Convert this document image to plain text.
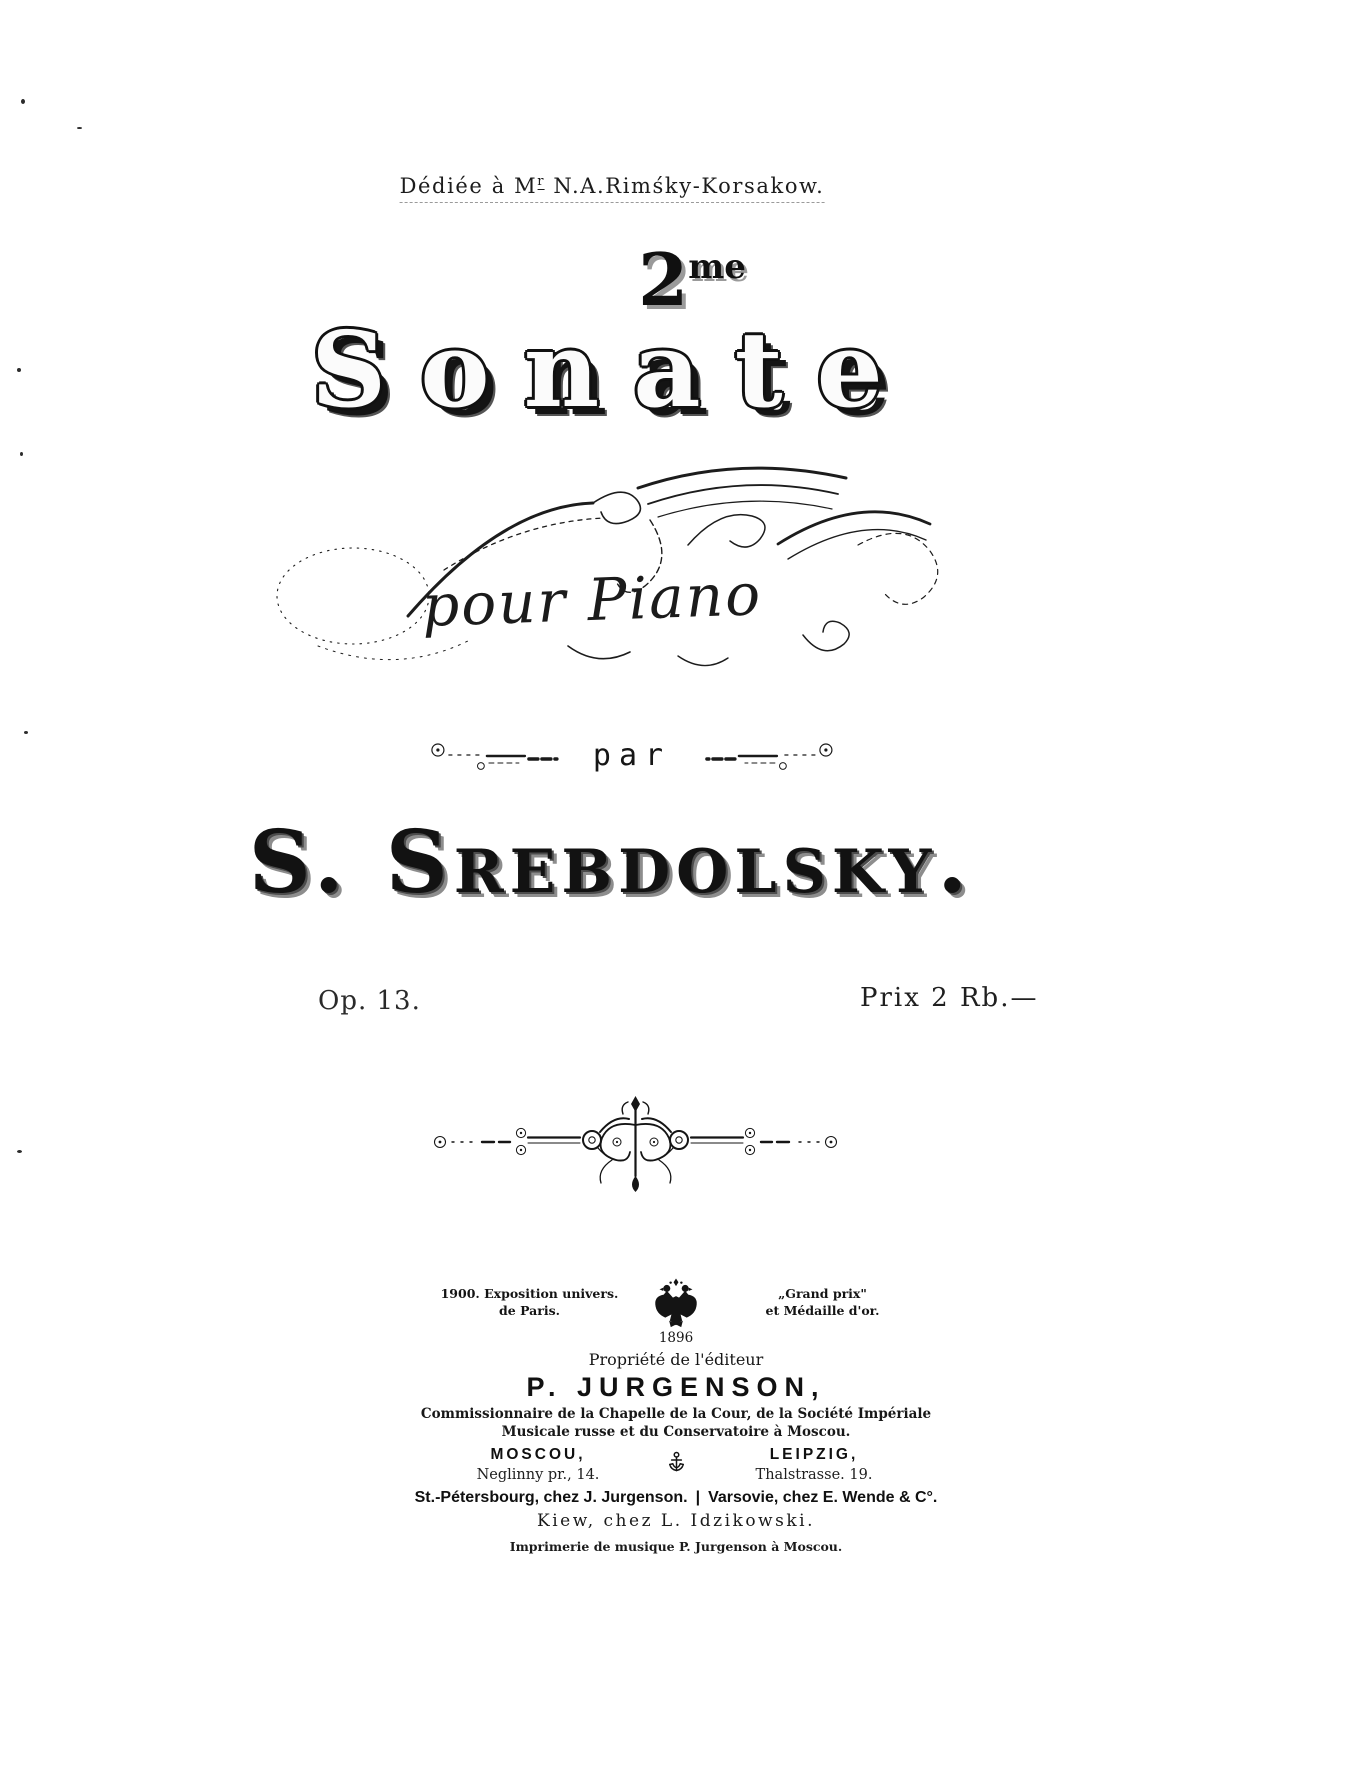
Dédiée à $M^r$ N.A.Rimśky-Korsakow.
2 me
Sonate
pour Piano
par
S. Srebdolsky.
Op. 13.	Prix 2 Rb.—
1900. Exposition univers.
de Paris.
„Grand prix"
et Médaille d'or.
1896
Propriété de l'éditeur
P. JURGENSON,
Commissionnaire de la Chapelle de la Cour, de la Société Impériale
Musicale russe et du Conservatoire à Moscou.
MOSCOU,
Neglinny pr., 14.
LEIPZIG,
Thalstrasse. 19.
St.-Pétersbourg, chez J. Jurgenson. | Varsovie, chez E. Wende & C°.
Kiew, chez L. Idzikowski.
Imprimerie de musique P. Jurgenson à Moscou.
